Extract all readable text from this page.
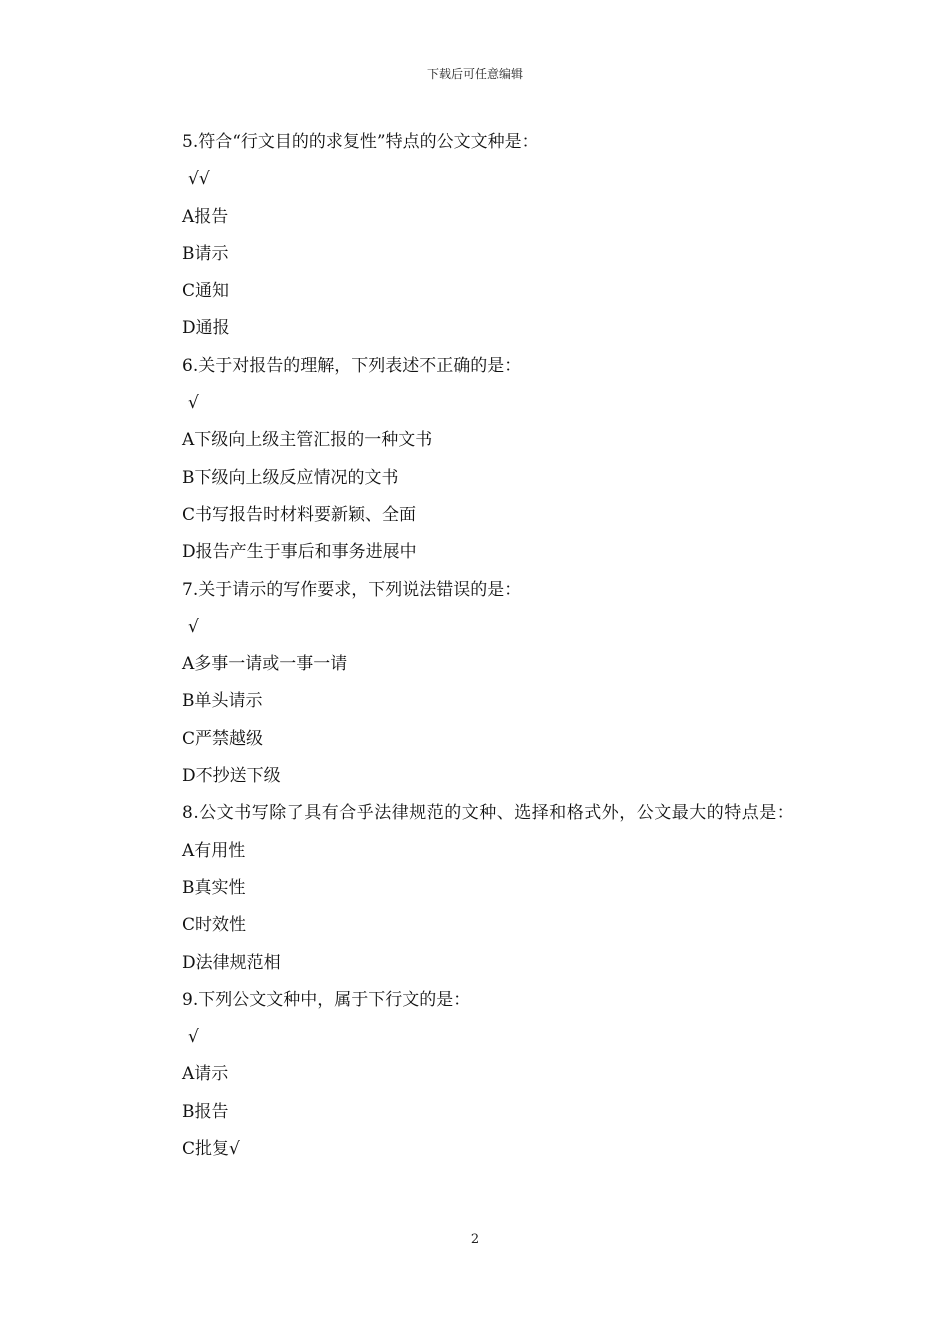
下载后可任意编辑
5.符合“行文目的的求复性”特点的公文文种是：
√√
A报告
B请示
C通知
D通报
6.关于对报告的理解，下列表述不正确的是：
√
A下级向上级主管汇报的一种文书
B下级向上级反应情况的文书
C书写报告时材料要新颖、全面
D报告产生于事后和事务进展中
7.关于请示的写作要求，下列说法错误的是：
√
A多事一请或一事一请
B单头请示
C严禁越级
D不抄送下级
8.公文书写除了具有合乎法律规范的文种、选择和格式外，公文最大的特点是：
A有用性
B真实性
C时效性
D法律规范相
9.下列公文文种中，属于下行文的是：
√
A请示
B报告
C批复√
2
